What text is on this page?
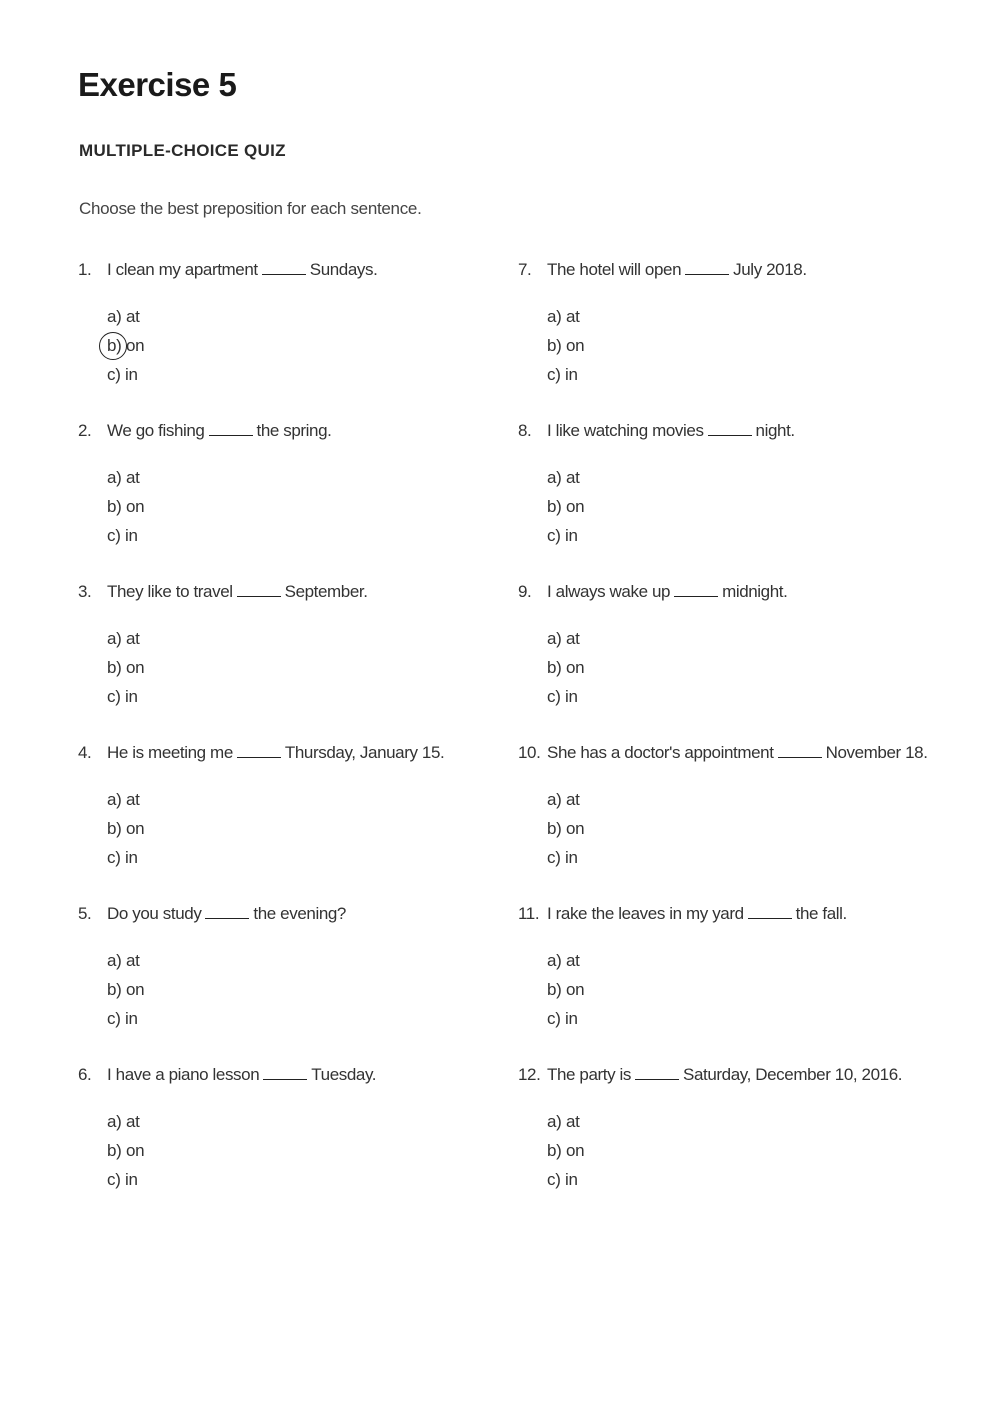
Exercise 5
MULTIPLE-CHOICE QUIZ
Choose the best preposition for each sentence.
1. I clean my apartment	Sundays.
a) at
b) on
c) in
2. We go fishing	the spring.
a) at
b) on
c) in
3. They like to travel	September.
a) at
b) on
c) in
4. He is meeting me	Thursday, January 15.
a) at
b) on
c) in
5. Do you study	the evening?
a) at
b) on
c) in
6. I have a piano lesson	Tuesday.
a) at
b) on
c) in
7. The hotel will open	July 2018.
a) at
b) on
c) in
8. I like watching movies	night.
a) at
b) on
c) in
9. I always wake up	midnight.
a) at
b) on
c) in
10. She has a doctor's appointment	November 18.
a) at
b) on
c) in
11. I rake the leaves in my yard	the fall.
a) at
b) on
c) in
12. The party is	Saturday, December 10, 2016.
a) at
b) on
c) in
